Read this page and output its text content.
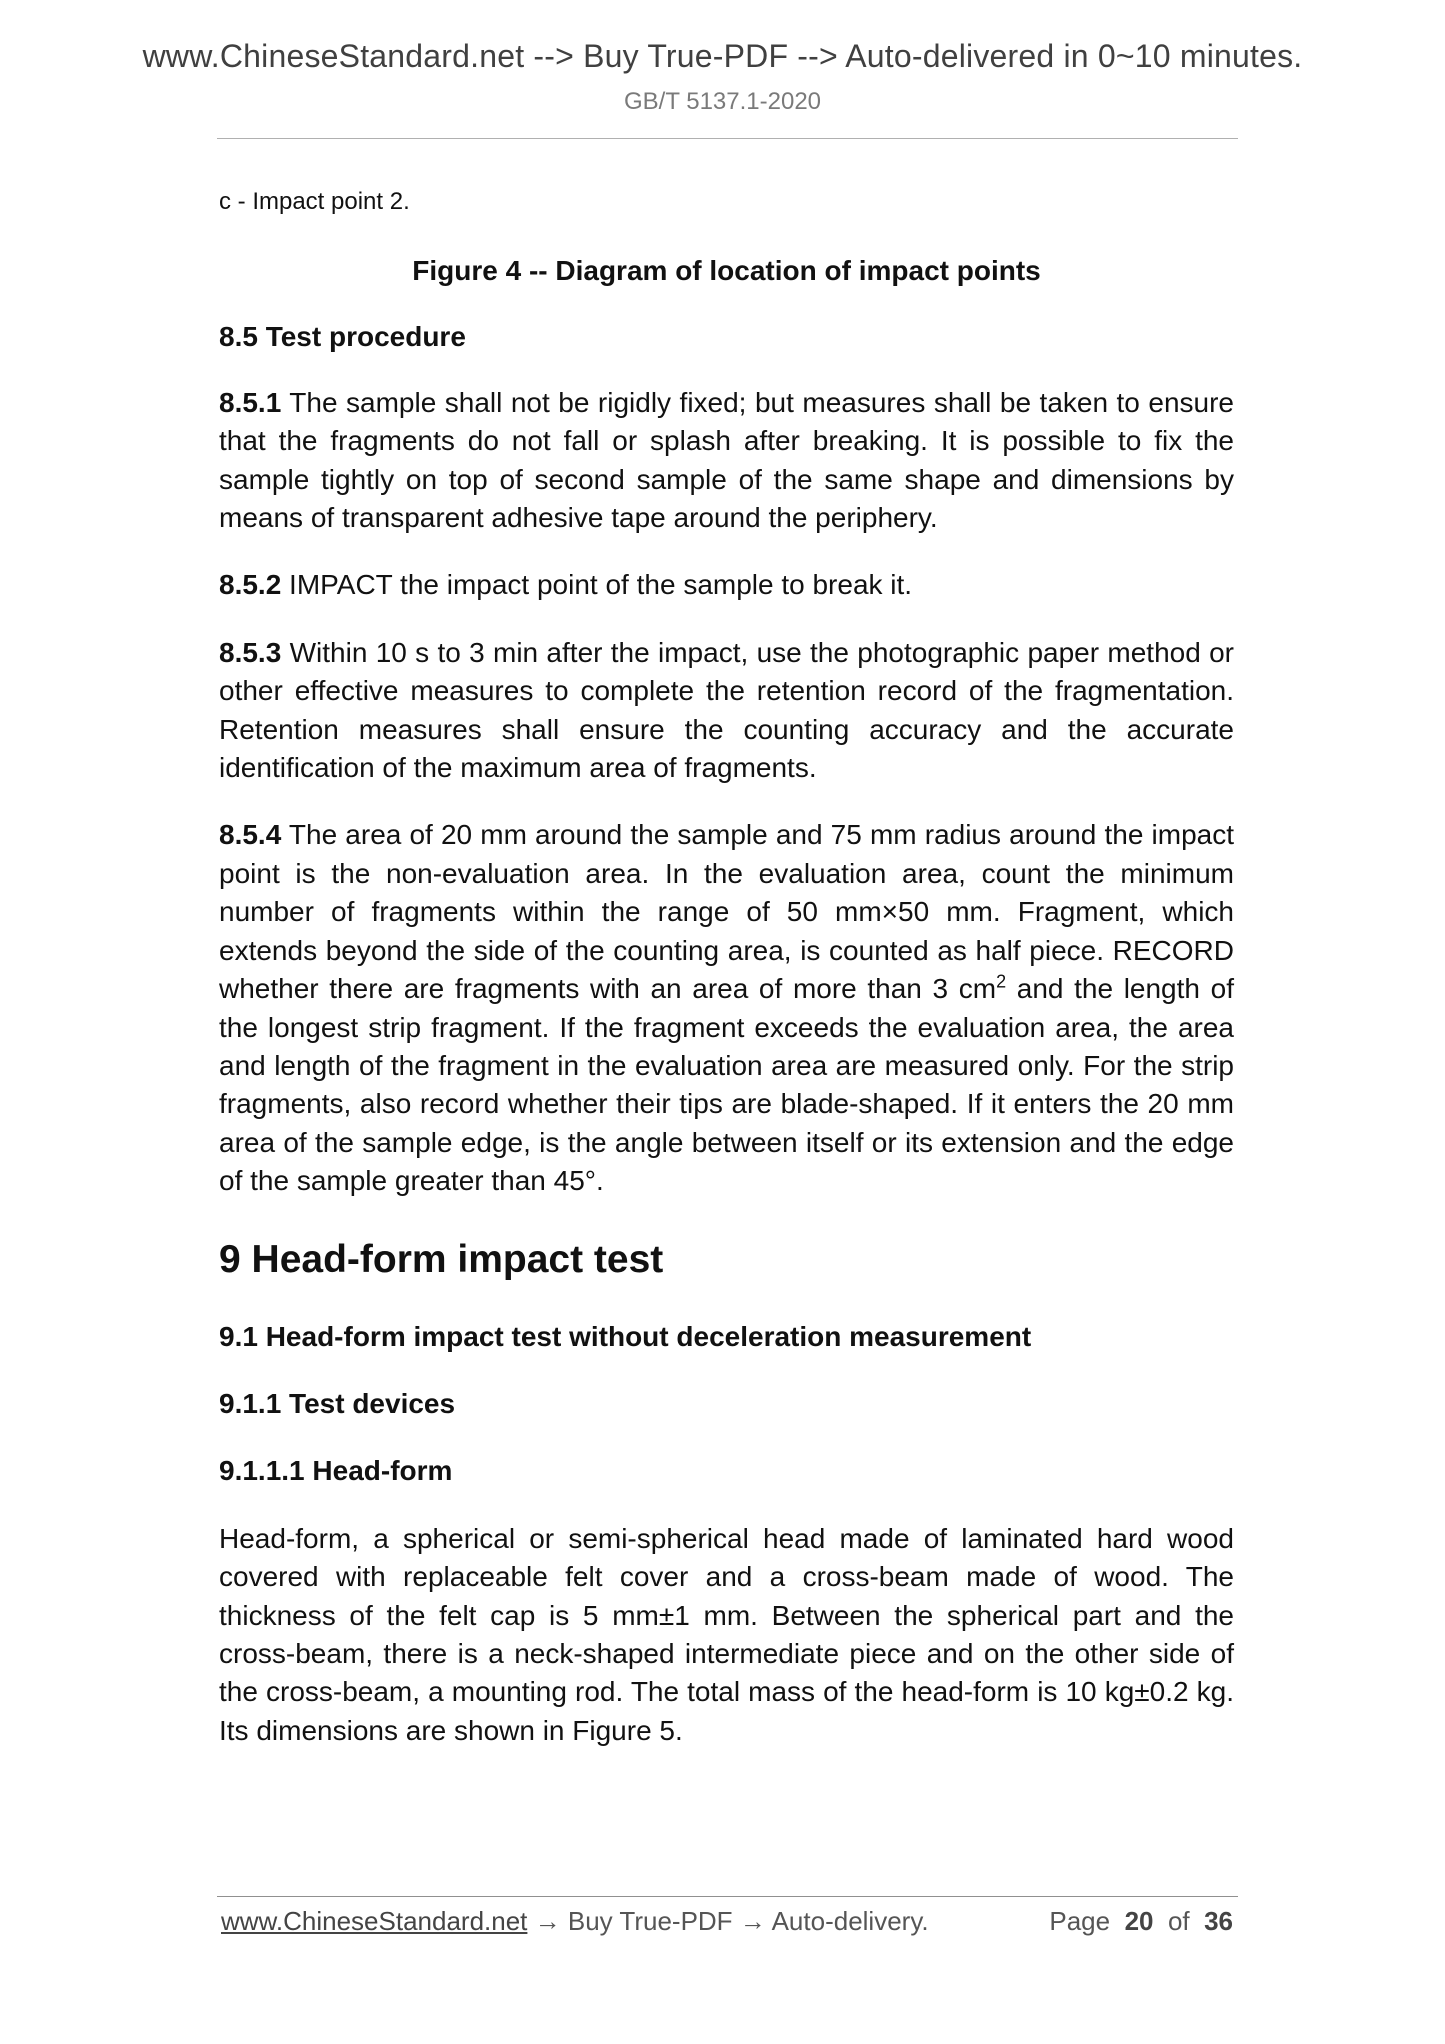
www.ChineseStandard.net --> Buy True-PDF --> Auto-delivered in 0~10 minutes.
GB/T 5137.1-2020

c - Impact point 2.

Figure 4 -- Diagram of location of impact points

8.5 Test procedure

8.5.1 The sample shall not be rigidly fixed; but measures shall be taken to ensure that the fragments do not fall or splash after breaking. It is possible to fix the sample tightly on top of second sample of the same shape and dimensions by means of transparent adhesive tape around the periphery.

8.5.2 IMPACT the impact point of the sample to break it.

8.5.3 Within 10 s to 3 min after the impact, use the photographic paper method or other effective measures to complete the retention record of the fragmentation. Retention measures shall ensure the counting accuracy and the accurate identification of the maximum area of fragments.

8.5.4 The area of 20 mm around the sample and 75 mm radius around the impact point is the non-evaluation area. In the evaluation area, count the minimum number of fragments within the range of 50 mm×50 mm. Fragment, which extends beyond the side of the counting area, is counted as half piece. RECORD whether there are fragments with an area of more than 3 $cm^2$ and the length of the longest strip fragment. If the fragment exceeds the evaluation area, the area and length of the fragment in the evaluation area are measured only. For the strip fragments, also record whether their tips are blade-shaped. If it enters the 20 mm area of the sample edge, is the angle between itself or its extension and the edge of the sample greater than 45°.

9 Head-form impact test

9.1 Head-form impact test without deceleration measurement

9.1.1 Test devices

9.1.1.1 Head-form

Head-form, a spherical or semi-spherical head made of laminated hard wood covered with replaceable felt cover and a cross-beam made of wood. The thickness of the felt cap is 5 mm±1 mm. Between the spherical part and the cross-beam, there is a neck-shaped intermediate piece and on the other side of the cross-beam, a mounting rod. The total mass of the head-form is 10 kg±0.2 kg. Its dimensions are shown in Figure 5.

www.ChineseStandard.net → Buy True-PDF → Auto-delivery.	Page 20 of 36
